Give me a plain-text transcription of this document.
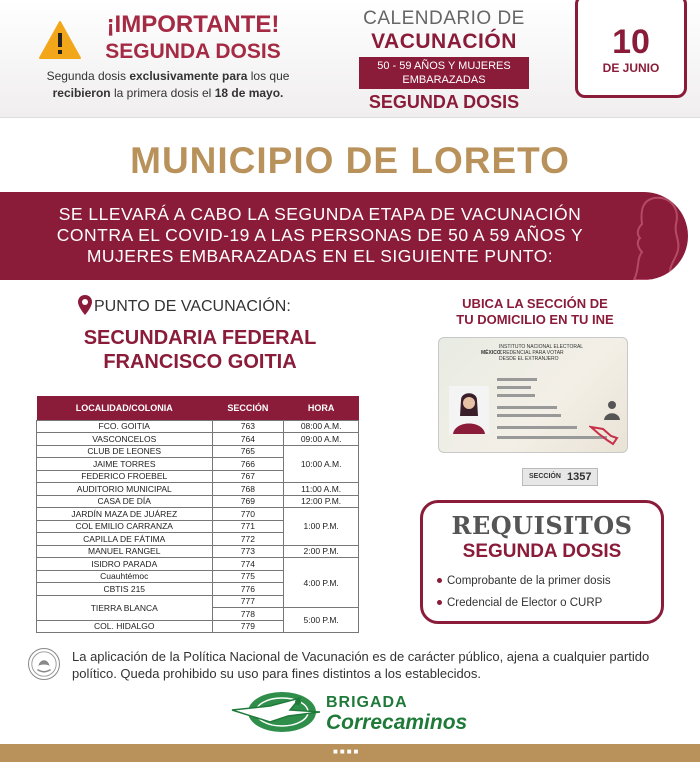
¡IMPORTANTE!
SEGUNDA DOSIS
Segunda dosis exclusivamente para los que recibieron la primera dosis el 18 de mayo.
CALENDARIO DE
VACUNACIÓN
50 - 59 AÑOS Y MUJERES EMBARAZADAS
SEGUNDA DOSIS
10
DE JUNIO
MUNICIPIO DE LORETO
SE LLEVARÁ A CABO LA SEGUNDA ETAPA DE VACUNACIÓN CONTRA EL COVID-19 A LAS PERSONAS DE 50 A 59 AÑOS Y MUJERES EMBARAZADAS EN EL SIGUIENTE PUNTO:
PUNTO DE VACUNACIÓN:
SECUNDARIA FEDERAL
FRANCISCO GOITIA
UBICA LA SECCIÓN DE
TU DOMICILIO EN TU INE
MÉXICO
INSTITUTO NACIONAL ELECTORAL
CREDENCIAL PARA VOTAR
DESDE EL EXTRANJERO
SECCIÓN 1357
LOCALIDAD/COLONIA	SECCIÓN	HORA
FCO. GOITIA	763	08:00 A.M.
VASCONCELOS	764	09:00 A.M.
CLUB DE LEONES	765	10:00 A.M.
JAIME TORRES	766	
FEDERICO FROEBEL	767	
AUDITORIO MUNICIPAL	768	11:00 A.M.
CASA DE DÍA	769	12:00 P.M.
JARDÍN MAZA DE JUÁREZ	770	1:00 P.M.
COL EMILIO CARRANZA	771	
CAPILLA DE FÁTIMA	772	
MANUEL RANGEL	773	2:00 P.M.
ISIDRO PARADA	774	4:00 P.M.
Cuauhtémoc	775	
CBTIS 215	776	
TIERRA BLANCA	777	
	778	5:00 P.M.
COL. HIDALGO	779	
REQUISITOS
SEGUNDA DOSIS
Comprobante de la primer dosis
Credencial de Elector o CURP
La aplicación de la Política Nacional de Vacunación es de carácter público, ajena a cualquier partido político. Queda prohibido su uso para fines distintos a los establecidos.
BRIGADA
Correcaminos
■■■■
